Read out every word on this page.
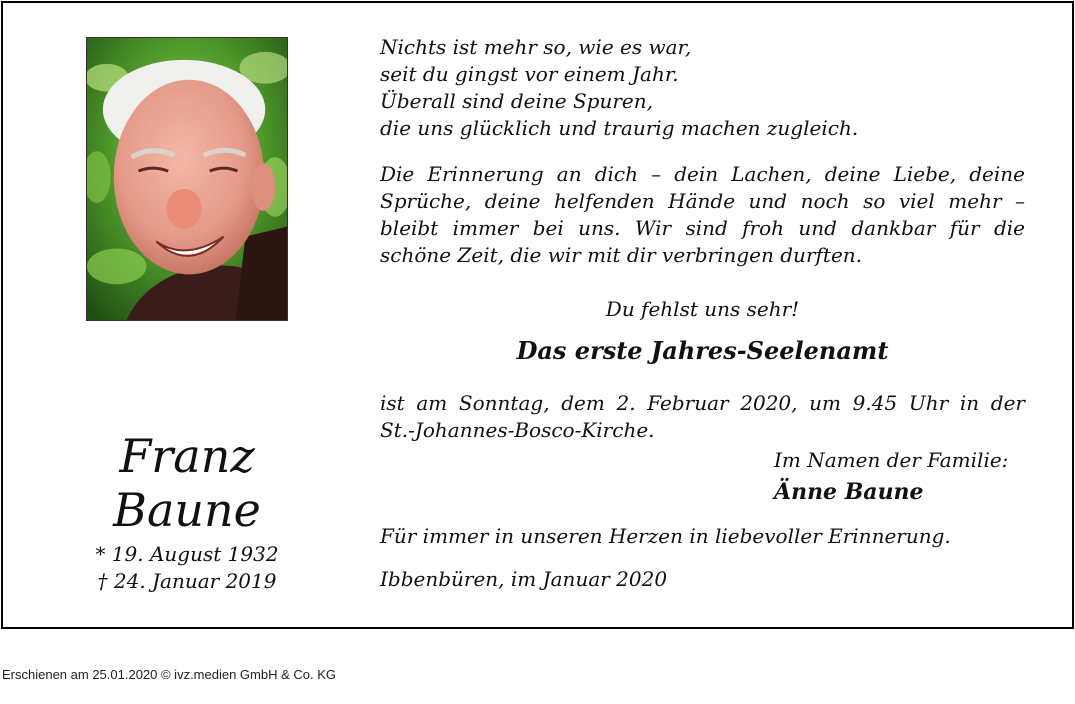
Franz
Baune
* 19. August 1932
† 24. Januar 2019
Nichts ist mehr so, wie es war,
seit du gingst vor einem Jahr.
Überall sind deine Spuren,
die uns glücklich und traurig machen zugleich.
Die Erinnerung an dich – dein Lachen, deine Liebe, deine
Sprüche, deine helfenden Hände und noch so viel mehr –
bleibt immer bei uns. Wir sind froh und dankbar für die
schöne Zeit, die wir mit dir verbringen durften.
Du fehlst uns sehr!
Das erste Jahres-Seelenamt
ist am Sonntag, dem 2. Februar 2020, um 9.45 Uhr in der
St.-Johannes-Bosco-Kirche.
Im Namen der Familie:
Änne Baune
Für immer in unseren Herzen in liebevoller Erinnerung.
Ibbenbüren, im Januar 2020
Erschienen am 25.01.2020 © ivz.medien GmbH & Co. KG
